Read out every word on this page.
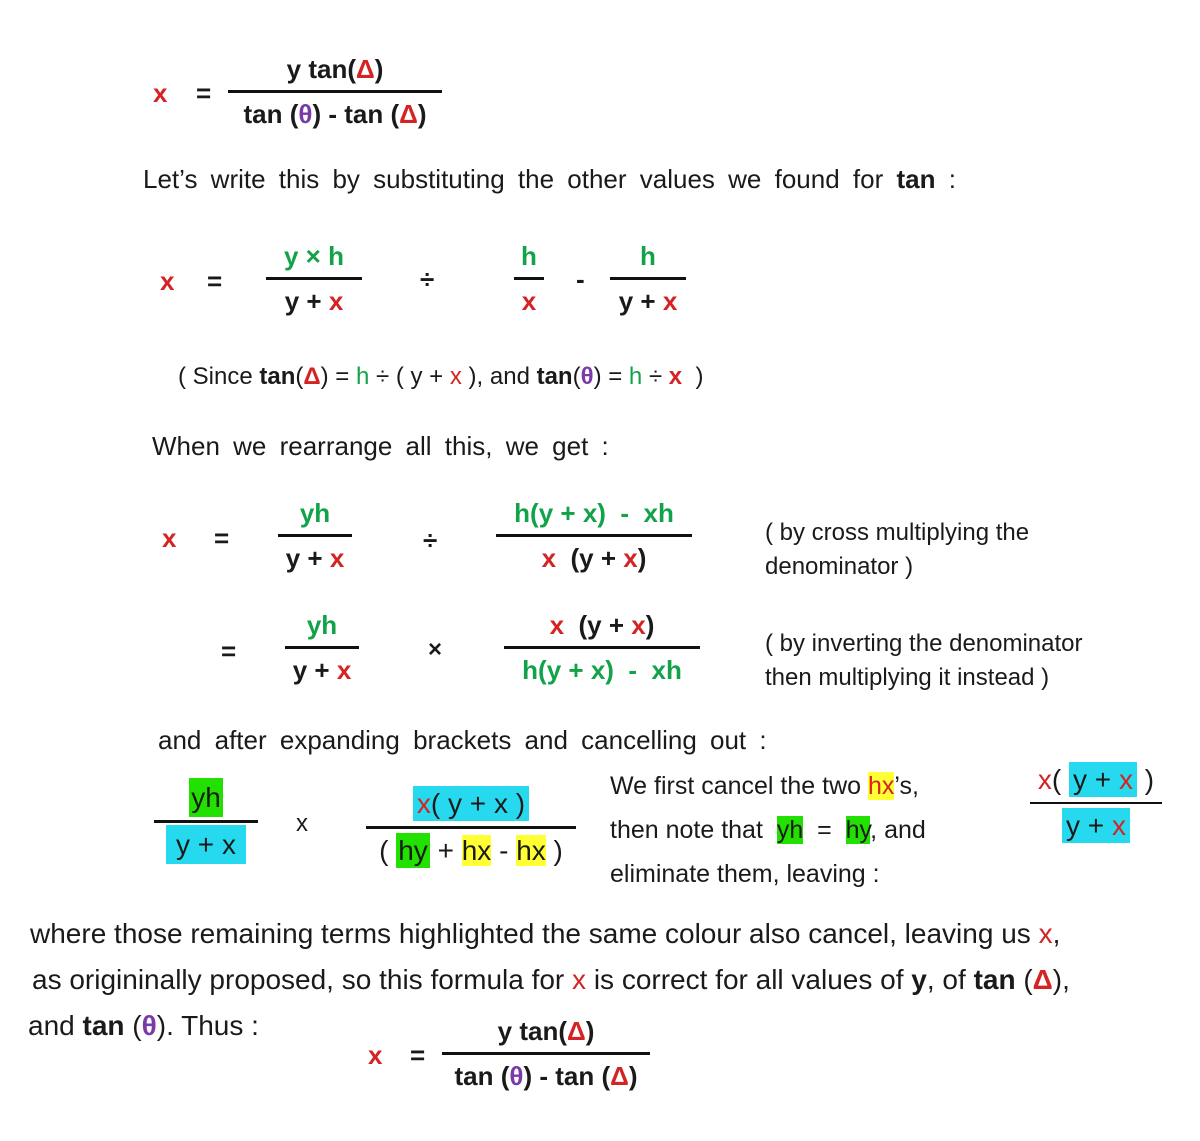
x =
y tan(Δ)
tan (θ) - tan (Δ)
Let’s write this by substituting the other values we found for tan :
x =
y × h
y + x
÷
h
x
-
h
y + x
( Since tan(Δ) = h ÷ ( y + x ), and tan(θ) = h ÷ x )
When we rearrange all this, we get :
x =
yh
y + x
÷
h(y + x)  -  xh
x  (y + x)
( by cross multiplying the
denominator )
=
yh
y + x
×
x  (y + x)
h(y + x)  -  xh
( by inverting the denominator
then multiplying it instead )
and after expanding brackets and cancelling out :
yh
y + x
x
x( y + x )
( hy + hx - hx )
We first cancel the two hx’s,
then note that yh  =  hy, and
eliminate them, leaving :
x( y + x )
y + x
where those remaining terms highlighted the same colour also cancel, leaving us x,
as origininally proposed, so this formula for x is correct for all values of y, of tan (Δ),
and tan (θ). Thus :
x =
y tan(Δ)
tan (θ) - tan (Δ)
